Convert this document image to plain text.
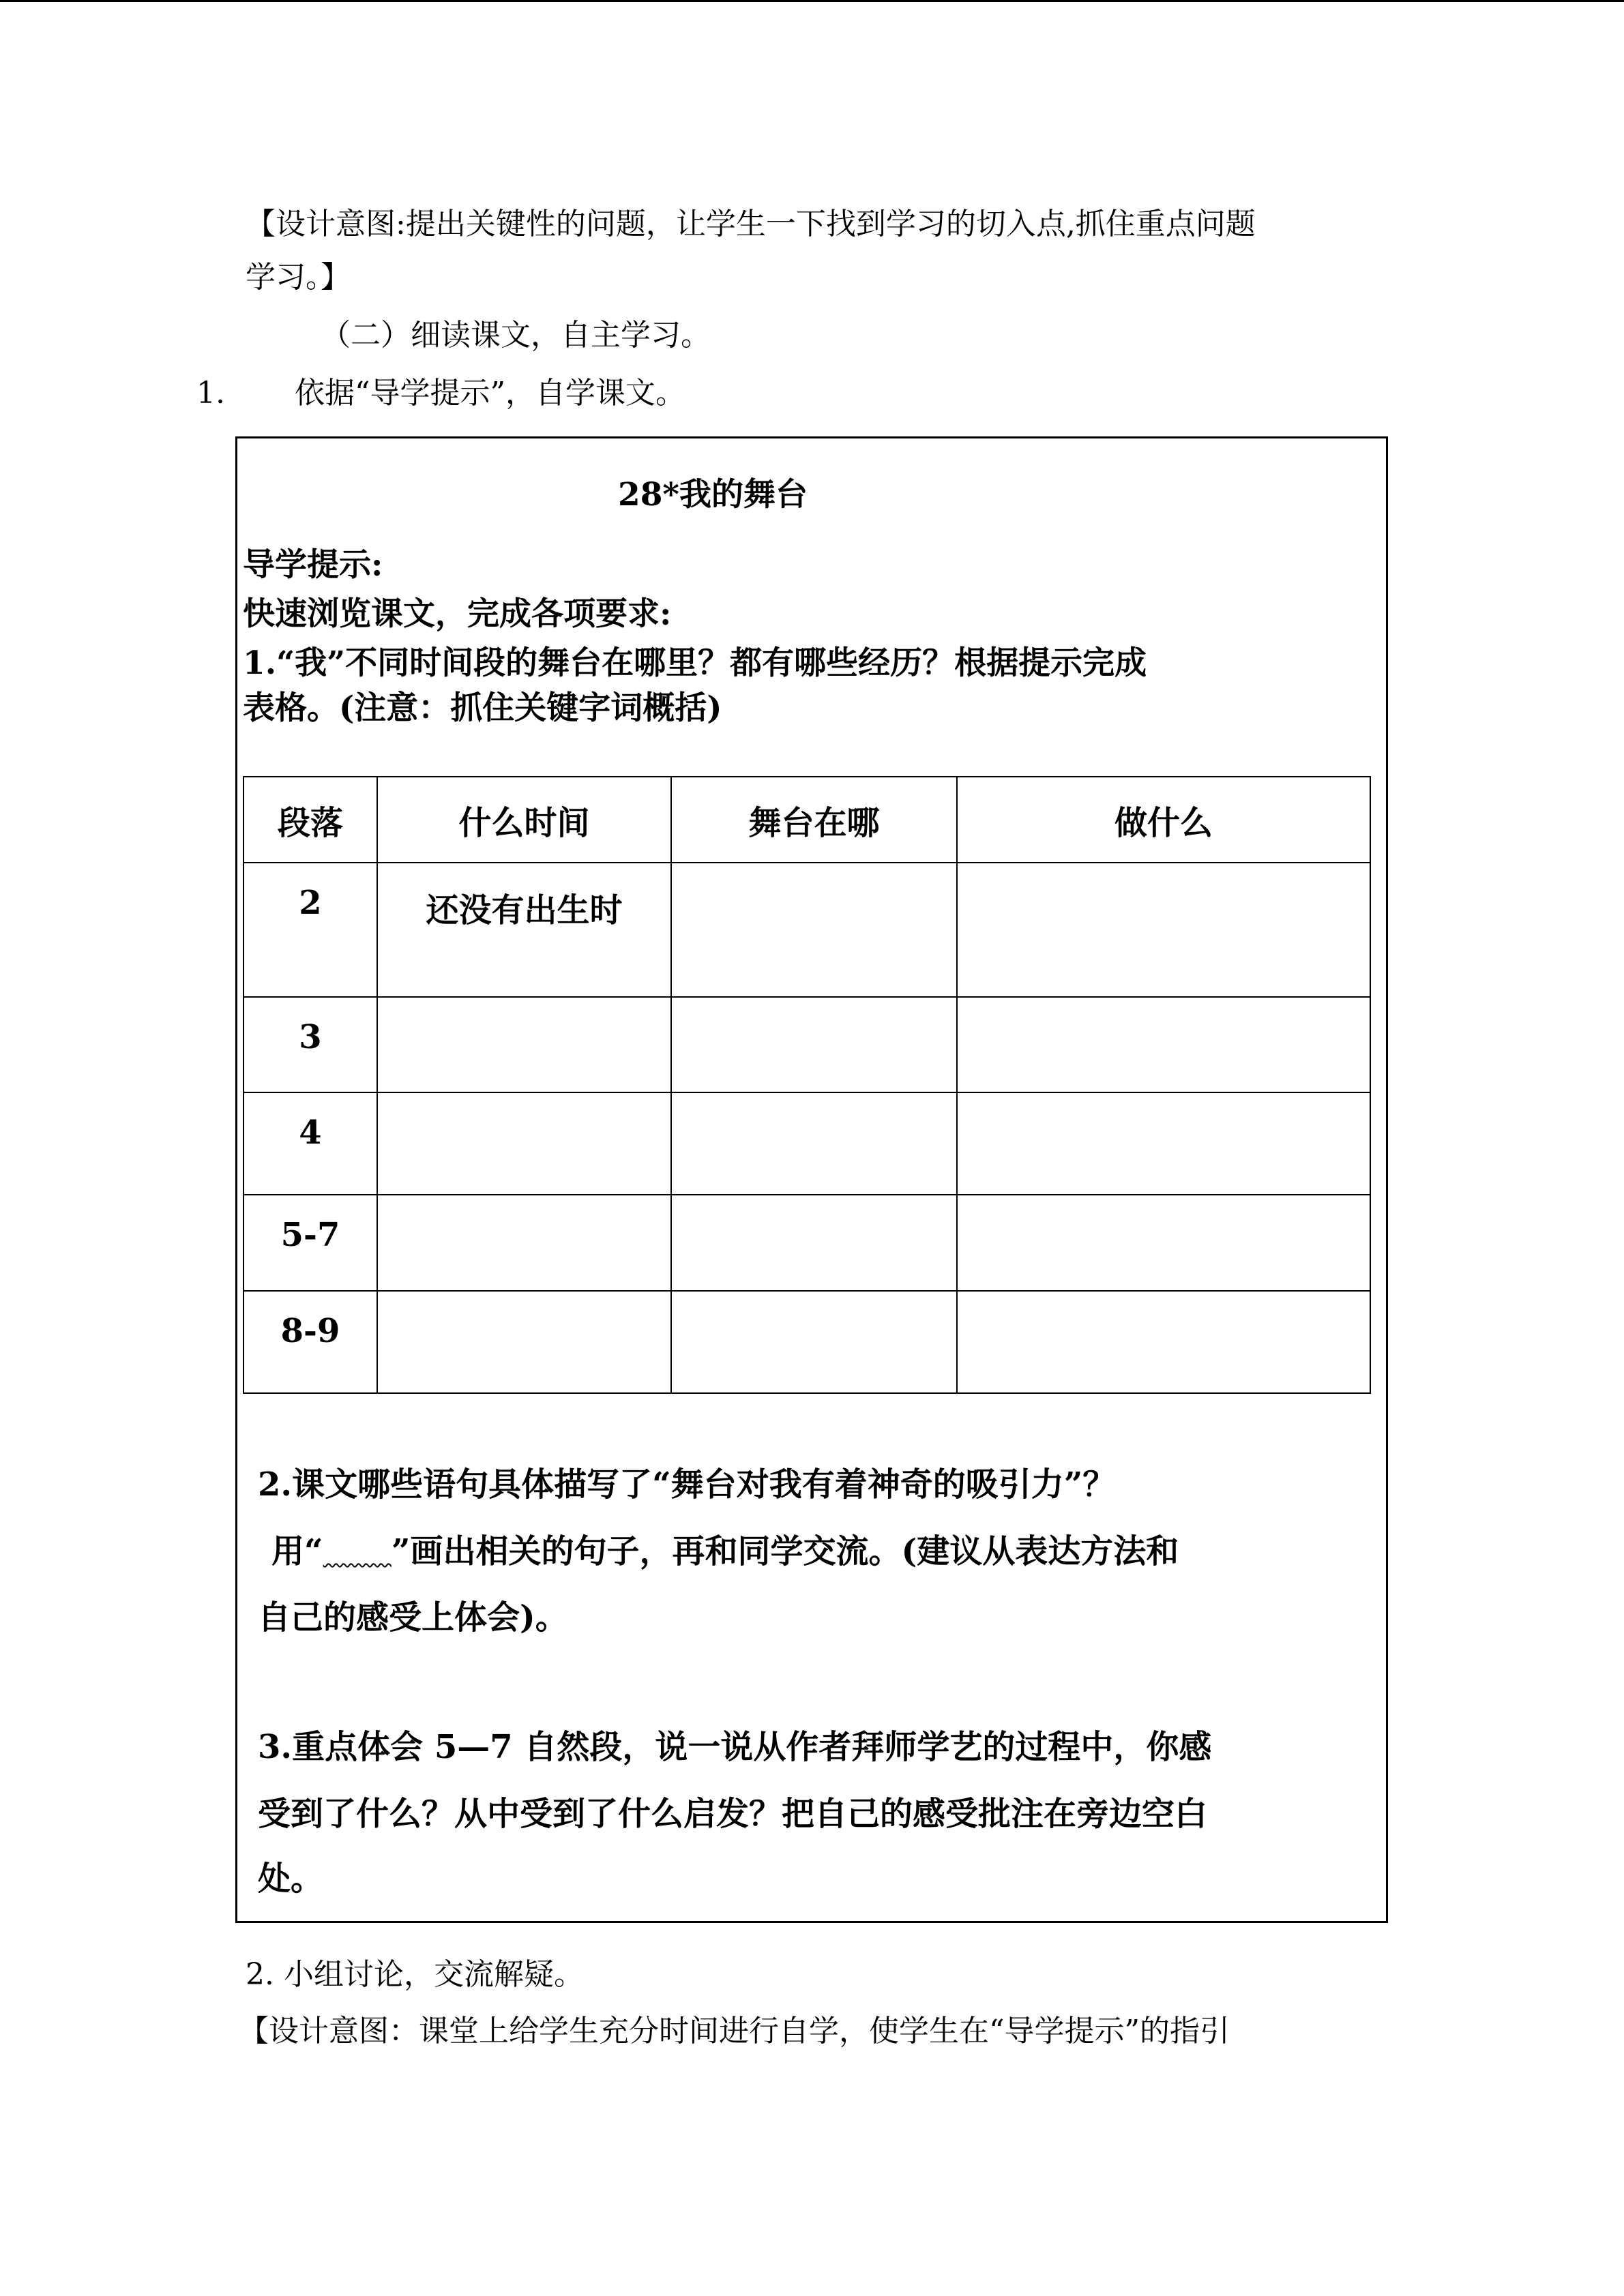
【设计意图:提出关键性的问题，让学生一下找到学习的切入点,抓住重点问题
学习。】
（二）细读课文，自主学习。
1. 依据“导学提示”，自学课文。
28*我的舞台
导学提示:
快速浏览课文，完成各项要求:
1.“我”不同时间段的舞台在哪里？都有哪些经历？根据提示完成
表格。(注意：抓住关键字词概括)
段落	什么时间	舞台在哪	做什么
2	还没有出生时		
3			
4			
5-7			
8-9			
2.课文哪些语句具体描写了“舞台对我有着神奇的吸引力”？
用“ ”画出相关的句子，再和同学交流。(建议从表达方法和
自己的感受上体会)。
3.重点体会 5—7 自然段，说一说从作者拜师学艺的过程中，你感
受到了什么？从中受到了什么启发？把自己的感受批注在旁边空白
处。
2. 小组讨论，交流解疑。
【设计意图：课堂上给学生充分时间进行自学，使学生在“导学提示”的指引
